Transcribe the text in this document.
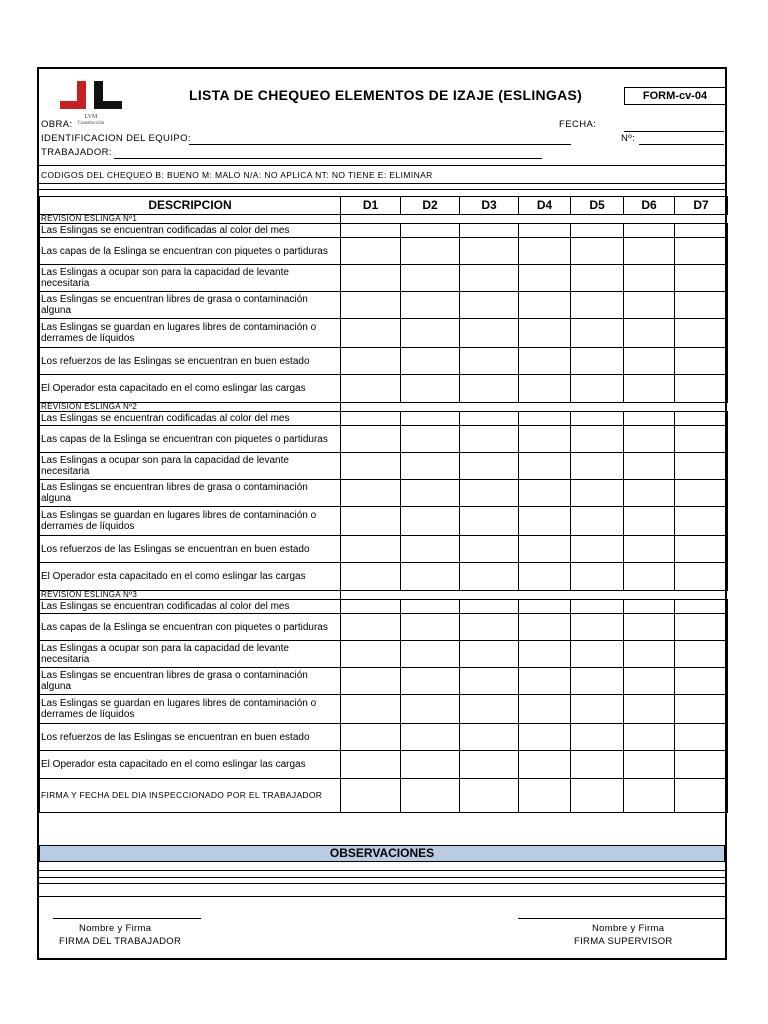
LVM
Construcción
LISTA DE CHEQUEO ELEMENTOS DE IZAJE (ESLINGAS)	FORM-cv-04
OBRA:	FECHA:
IDENTIFICACION DEL EQUIPO:	Nº:
TRABAJADOR:
CODIGOS DEL CHEQUEO B: BUENO M: MALO N/A: NO APLICA NT: NO TIENE E: ELIMINAR
DESCRIPCION	D1	D2	D3	D4	D5	D6	D7
REVISION ESLINGA Nº1							
Las Eslingas se encuentran codificadas al color del mes							
Las capas de la Eslinga se encuentran con piquetes o partiduras							
Las Eslingas a ocupar son para la capacidad de levante necesitaria							
Las Eslingas se encuentran libres de grasa o contaminación alguna							
Las Eslingas se guardan en lugares libres de contaminación o derrames de líquidos							
Los refuerzos de las Eslingas se encuentran en buen estado							
El Operador esta capacitado en el como eslingar las cargas							
REVISION ESLINGA Nº2							
Las Eslingas se encuentran codificadas al color del mes							
Las capas de la Eslinga se encuentran con piquetes o partiduras							
Las Eslingas a ocupar son para la capacidad de levante necesitaria							
Las Eslingas se encuentran libres de grasa o contaminación alguna							
Las Eslingas se guardan en lugares libres de contaminación o derrames de líquidos							
Los refuerzos de las Eslingas se encuentran en buen estado							
El Operador esta capacitado en el como eslingar las cargas							
REVISION ESLINGA Nº3							
Las Eslingas se encuentran codificadas al color del mes							
Las capas de la Eslinga se encuentran con piquetes o partiduras							
Las Eslingas a ocupar son para la capacidad de levante necesitaria							
Las Eslingas se encuentran libres de grasa o contaminación alguna							
Las Eslingas se guardan en lugares libres de contaminación o derrames de líquidos							
Los refuerzos de las Eslingas se encuentran en buen estado							
El Operador esta capacitado en el como eslingar las cargas							
FIRMA Y FECHA DEL DIA INSPECCIONADO POR EL TRABAJADOR							
OBSERVACIONES
Nombre y Firma
FIRMA DEL TRABAJADOR
Nombre y Firma
FIRMA SUPERVISOR
